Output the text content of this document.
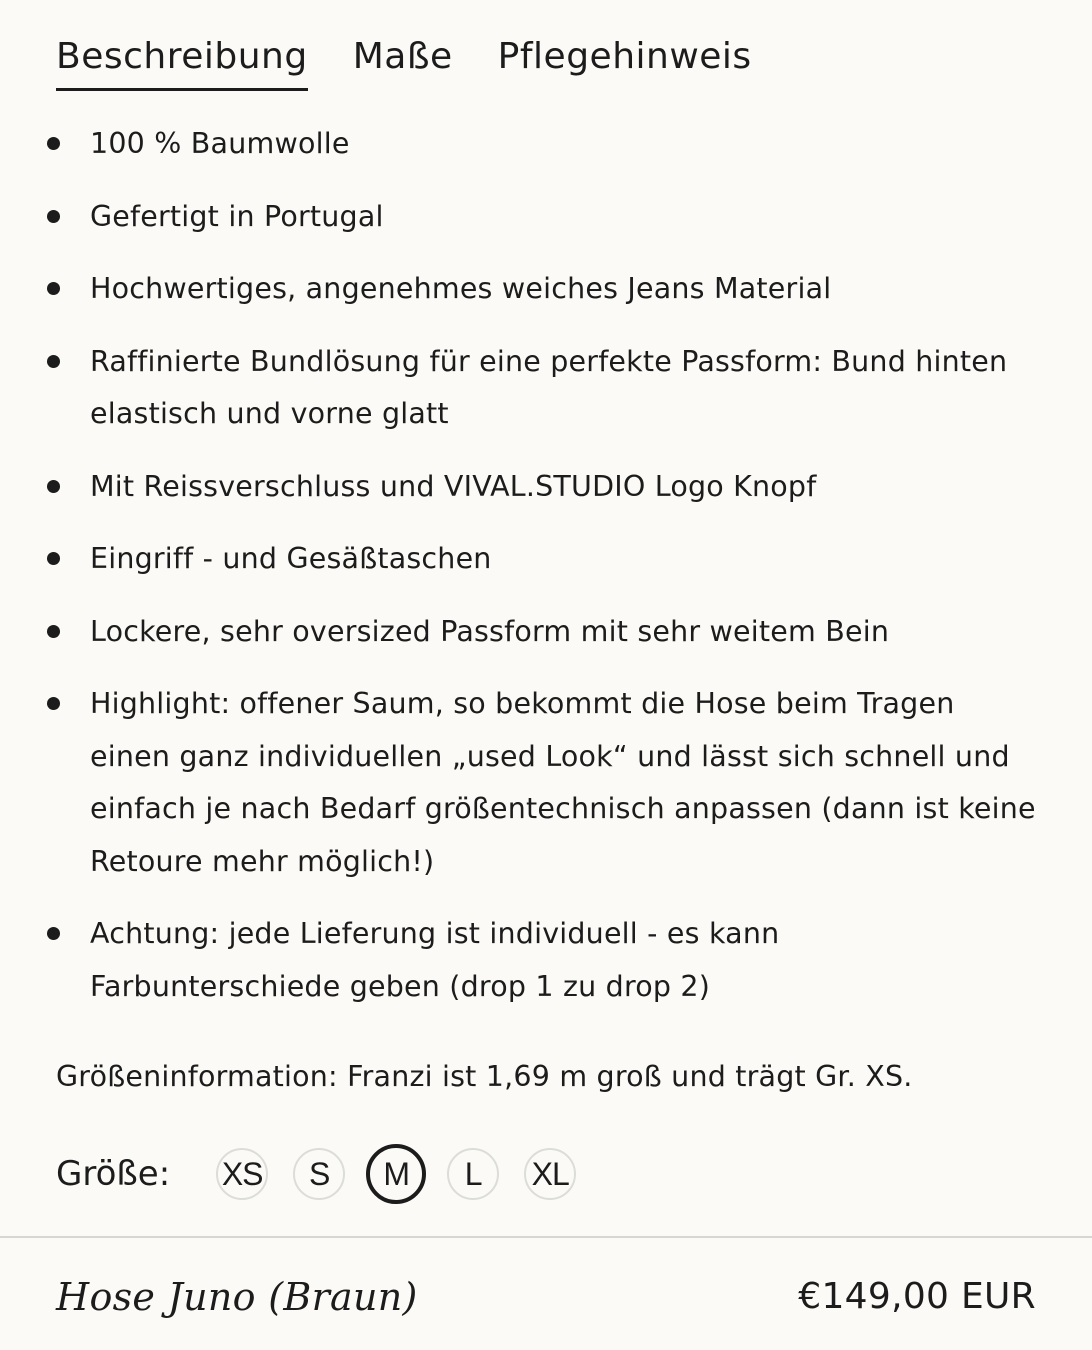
Beschreibung Maße Pflegehinweis
100 % Baumwolle
Gefertigt in Portugal
Hochwertiges, angenehmes weiches Jeans Material
Raffinierte Bundlösung für eine perfekte Passform: Bund hinten elastisch und vorne glatt
Mit Reissverschluss und VIVAL.STUDIO Logo Knopf
Eingriff - und Gesäßtaschen
Lockere, sehr oversized Passform mit sehr weitem Bein
Highlight: offener Saum, so bekommt die Hose beim Tragen einen ganz individuellen „used Look“ und lässt sich schnell und einfach je nach Bedarf größentechnisch anpassen (dann ist keine Retoure mehr möglich!)
Achtung: jede Lieferung ist individuell - es kann Farbunterschiede geben (drop 1 zu drop 2)
Größeninformation: Franzi ist 1,69 m groß und trägt Gr. XS.
Größe: XS	S	M	L	XL
Hose Juno (Braun)	€149,00 EUR
